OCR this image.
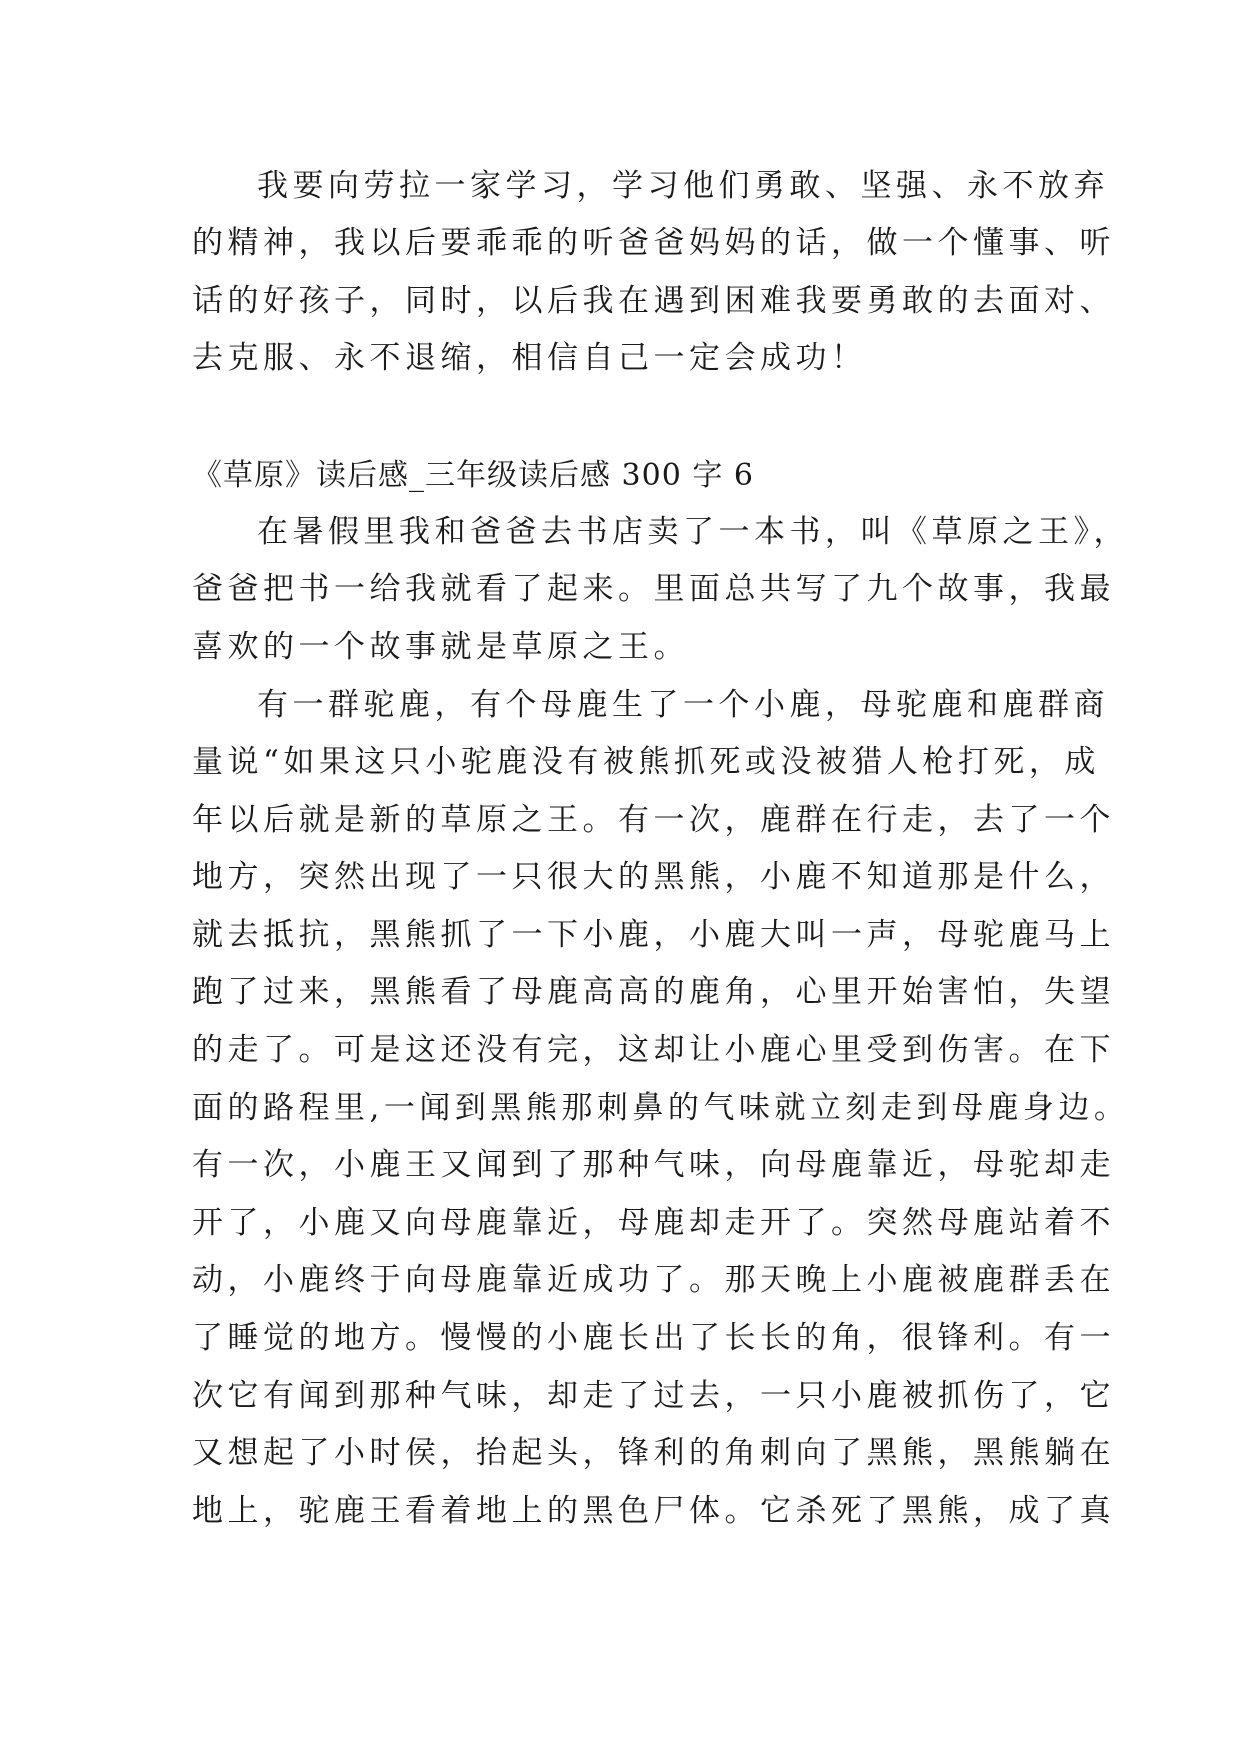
我要向劳拉一家学习，学习他们勇敢、坚强、永不放弃
的精神，我以后要乖乖的听爸爸妈妈的话，做一个懂事、听
话的好孩子，同时，以后我在遇到困难我要勇敢的去面对、
去克服、永不退缩，相信自己一定会成功！
《草原》读后感_三年级读后感 300 字 6
在暑假里我和爸爸去书店卖了一本书，叫《草原之王》，
爸爸把书一给我就看了起来。里面总共写了九个故事，我最
喜欢的一个故事就是草原之王。
有一群驼鹿，有个母鹿生了一个小鹿，母驼鹿和鹿群商
量说“如果这只小驼鹿没有被熊抓死或没被猎人枪打死，成
年以后就是新的草原之王。有一次，鹿群在行走，去了一个
地方，突然出现了一只很大的黑熊，小鹿不知道那是什么，
就去抵抗，黑熊抓了一下小鹿，小鹿大叫一声，母驼鹿马上
跑了过来，黑熊看了母鹿高高的鹿角，心里开始害怕，失望
的走了。可是这还没有完，这却让小鹿心里受到伤害。在下
面的路程里,一闻到黑熊那刺鼻的气味就立刻走到母鹿身边。
有一次，小鹿王又闻到了那种气味，向母鹿靠近，母驼却走
开了，小鹿又向母鹿靠近，母鹿却走开了。突然母鹿站着不
动，小鹿终于向母鹿靠近成功了。那天晚上小鹿被鹿群丢在
了睡觉的地方。慢慢的小鹿长出了长长的角，很锋利。有一
次它有闻到那种气味，却走了过去，一只小鹿被抓伤了，它
又想起了小时侯，抬起头，锋利的角刺向了黑熊，黑熊躺在
地上，驼鹿王看着地上的黑色尸体。它杀死了黑熊，成了真
